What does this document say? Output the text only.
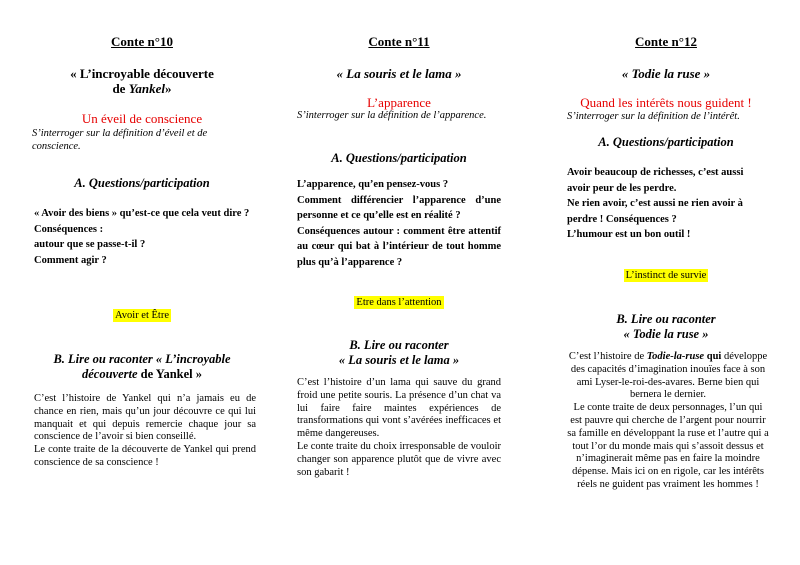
Conte n°10
« L’incroyable découverte
de Yankel»
Un éveil de conscience
S’interroger sur la définition d’éveil et de conscience.
A. Questions/participation

« Avoir des biens » qu’est-ce que cela veut dire ?

Conséquences :

autour que se passe-t-il ?

Comment agir ?

Avoir et Être
B. Lire ou raconter « L’incroyable
découverte de Yankel »

C’est l’histoire de Yankel qui n’a jamais eu de chance en rien, mais qu’un jour découvre ce qui lui manquait et qui depuis remercie chaque jour sa conscience de l’avoir si bien conseillé.

Le conte traite de la découverte de Yankel qui prend conscience de sa conscience !

Conte n°11
« La souris et le lama »
L’apparence
S’interroger sur la définition de l’apparence.
A. Questions/participation

L’apparence, qu’en pensez-vous ?

Comment différencier l’apparence d’une personne et ce qu’elle est en réalité ?

Conséquences autour : comment être attentif au cœur qui bat à l’intérieur de tout homme plus qu’à l’apparence ?

Etre dans l’attention

B. Lire ou raconter

« La souris et le lama »

C’est l’histoire d’un lama qui sauve du grand froid une petite souris. La présence d’un chat va lui faire faire maintes expériences de transformations qui vont s’avérées inefficaces et même dangereuses.

Le conte traite du choix irresponsable de vouloir changer son apparence plutôt que de vivre avec son gabarit !

Conte n°12
« Todie la ruse »
Quand les intérêts nous guident !
S’interroger sur la définition de l’intérêt.
A. Questions/participation

Avoir beaucoup de richesses, c’est aussi avoir peur de les perdre.

Ne rien avoir, c’est aussi ne rien avoir à perdre ! Conséquences ?

L’humour est un bon outil !

L’instinct de survie

B. Lire ou raconter

« Todie la ruse »

C’est l’histoire de Todie-la-ruse qui développe des capacités d’imagination inouïes face à son ami Lyser-le-roi-des-avares. Berne bien qui bernera le dernier.

Le conte traite de deux personnages, l’un qui est pauvre qui cherche de l’argent pour nourrir sa famille en développant la ruse et l’autre qui a tout l’or du monde mais qui s’assoit dessus et n’imaginerait même pas en faire la moindre dépense. Mais ici on en rigole, car les intérêts réels ne guident pas vraiment les hommes !
